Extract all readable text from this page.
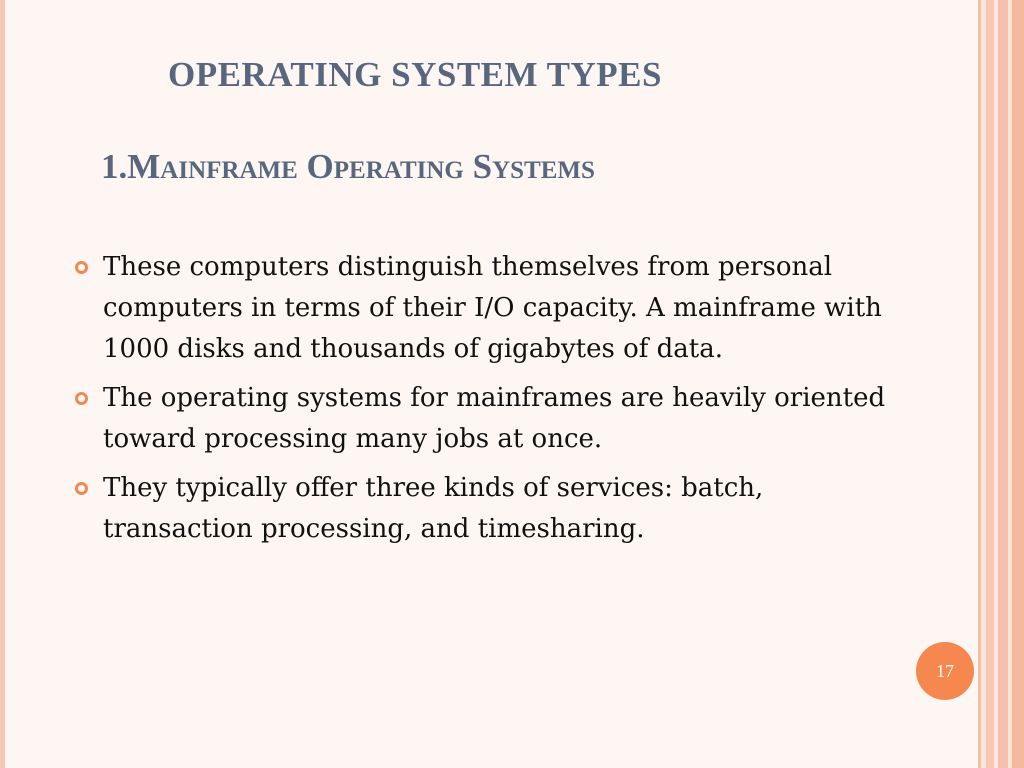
OPERATING SYSTEM TYPES
1.Mainframe Operating Systems
These computers distinguish themselves from personal computers in terms of their I/O capacity. A mainframe with 1000 disks and thousands of gigabytes of data.
The operating systems for mainframes are heavily oriented toward processing many jobs at once.
They typically offer three kinds of services: batch, transaction processing, and timesharing.
17
